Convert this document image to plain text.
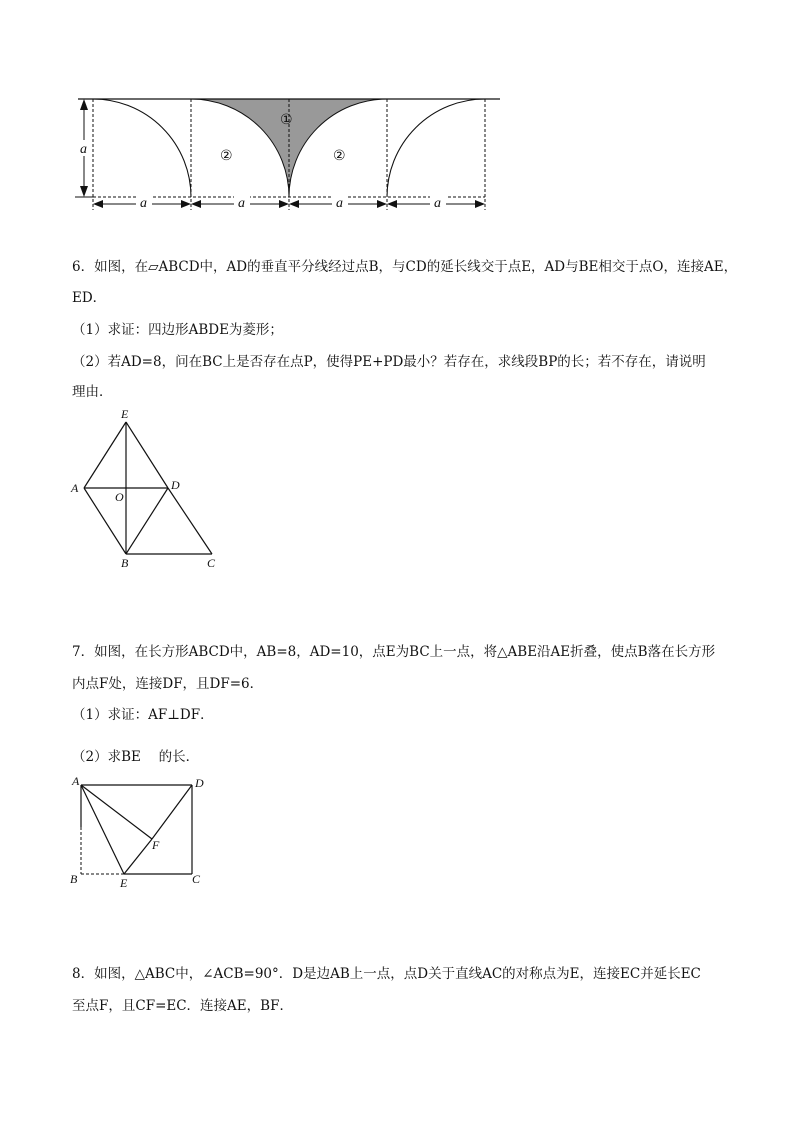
a
a	a	a	a
①
②	②
6．如图，在▱ABCD中，AD的垂直平分线经过点B，与CD的延长线交于点E，AD与BE相交于点O，连接AE，
ED．
（1）求证：四边形ABDE为菱形；
（2）若AD=8，问在BC上是否存在点P，使得PE+PD最小？若存在，求线段BP的长；若不存在，请说明
理由．
E
A
O
D
B	C
7．如图，在长方形ABCD中，AB=8，AD=10，点E为BC上一点，将△ABE沿AE折叠，使点B落在长方形
内点F处，连接DF，且DF=6．
（1）求证：AF⊥DF．
（2）求BE　 的长．
A	D
F
B	E	C
8．如图，△ABC中，∠ACB=90°．D是边AB上一点，点D关于直线AC的对称点为E，连接EC并延长EC
至点F，且CF=EC．连接AE，BF．
